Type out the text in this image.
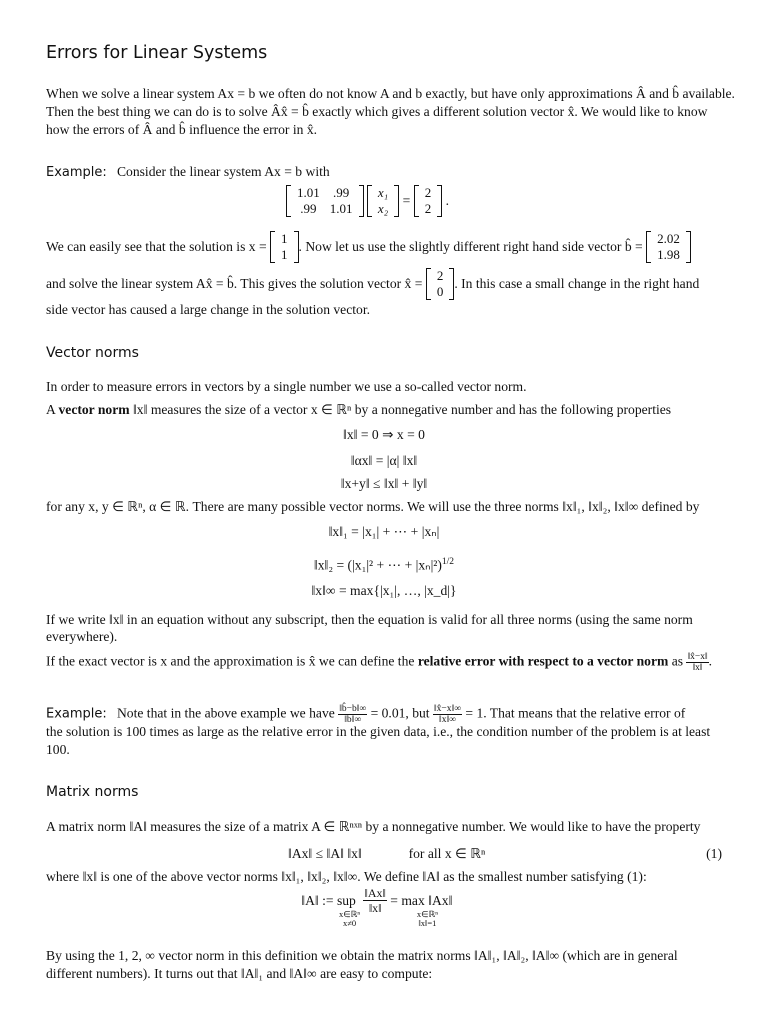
Errors for Linear Systems
When we solve a linear system Ax = b we often do not know A and b exactly, but have only approximations Â and b̂ available.
Then the best thing we can do is to solve Âx̂ = b̂ exactly which gives a different solution vector x̂. We would like to know
how the errors of Â and b̂ influence the error in x̂.
Example: Consider the linear system Ax = b with
1.01	.99
.99	1.01

x₁
x₂
=
2
2
.
We can easily see that the solution is x =
1
1
. Now let us use the slightly different right hand side vector b̂ =
2.02
1.98
and solve the linear system Ax̂ = b̂. This gives the solution vector x̂ =
2
0
. In this case a small change in the right hand
side vector has caused a large change in the solution vector.
Vector norms
In order to measure errors in vectors by a single number we use a so-called vector norm.
A vector norm ‖x‖ measures the size of a vector x ∈ ℝⁿ by a nonnegative number and has the following properties
‖x‖ = 0 ⇒ x = 0
‖αx‖ = |α| ‖x‖
‖x+y‖ ≤ ‖x‖ + ‖y‖
for any x, y ∈ ℝⁿ, α ∈ ℝ. There are many possible vector norms. We will use the three norms ‖x‖₁, ‖x‖₂, ‖x‖∞ defined by
‖x‖₁ = |x₁| + ⋯ + |xₙ|
‖x‖₂ = (|x₁|² + ⋯ + |xₙ|²)$^{1/2}$
‖x‖∞ = max{|x₁|, …, |x_d|}
If we write ‖x‖ in an equation without any subscript, then the equation is valid for all three norms (using the same norm
everywhere).
If the exact vector is x and the approximation is x̂ we can define the relative error with respect to a vector norm as $\frac{‖x̂-x‖}{‖x‖}$ .
Example: Note that in the above example we have $\frac{‖b̂-b‖\infty}{‖b‖\infty} = 0.01$, but $\frac{‖x̂-x‖\infty}{‖x‖\infty} = 1$. That means that the relative error of
the solution is 100 times as large as the relative error in the given data, i.e., the condition number of the problem is at least
100.
Matrix norms
A matrix norm ‖A‖ measures the size of a matrix A ∈ ℝⁿˣⁿ by a nonnegative number. We would like to have the property
‖Ax‖ ≤ ‖A‖ ‖x‖	for all x ∈ ℝⁿ	(1)
where ‖x‖ is one of the above vector norms ‖x‖₁, ‖x‖₂, ‖x‖∞. We define ‖A‖ as the smallest number satisfying (1):
‖A‖ := sup
x∈ℝⁿ
x≠0

$\frac{‖Ax‖}{‖x‖}$
= max ‖Ax‖
x∈ℝⁿ
‖x‖=1
By using the 1, 2, ∞ vector norm in this definition we obtain the matrix norms ‖A‖₁, ‖A‖₂, ‖A‖∞ (which are in general
different numbers). It turns out that ‖A‖₁ and ‖A‖∞ are easy to compute:
